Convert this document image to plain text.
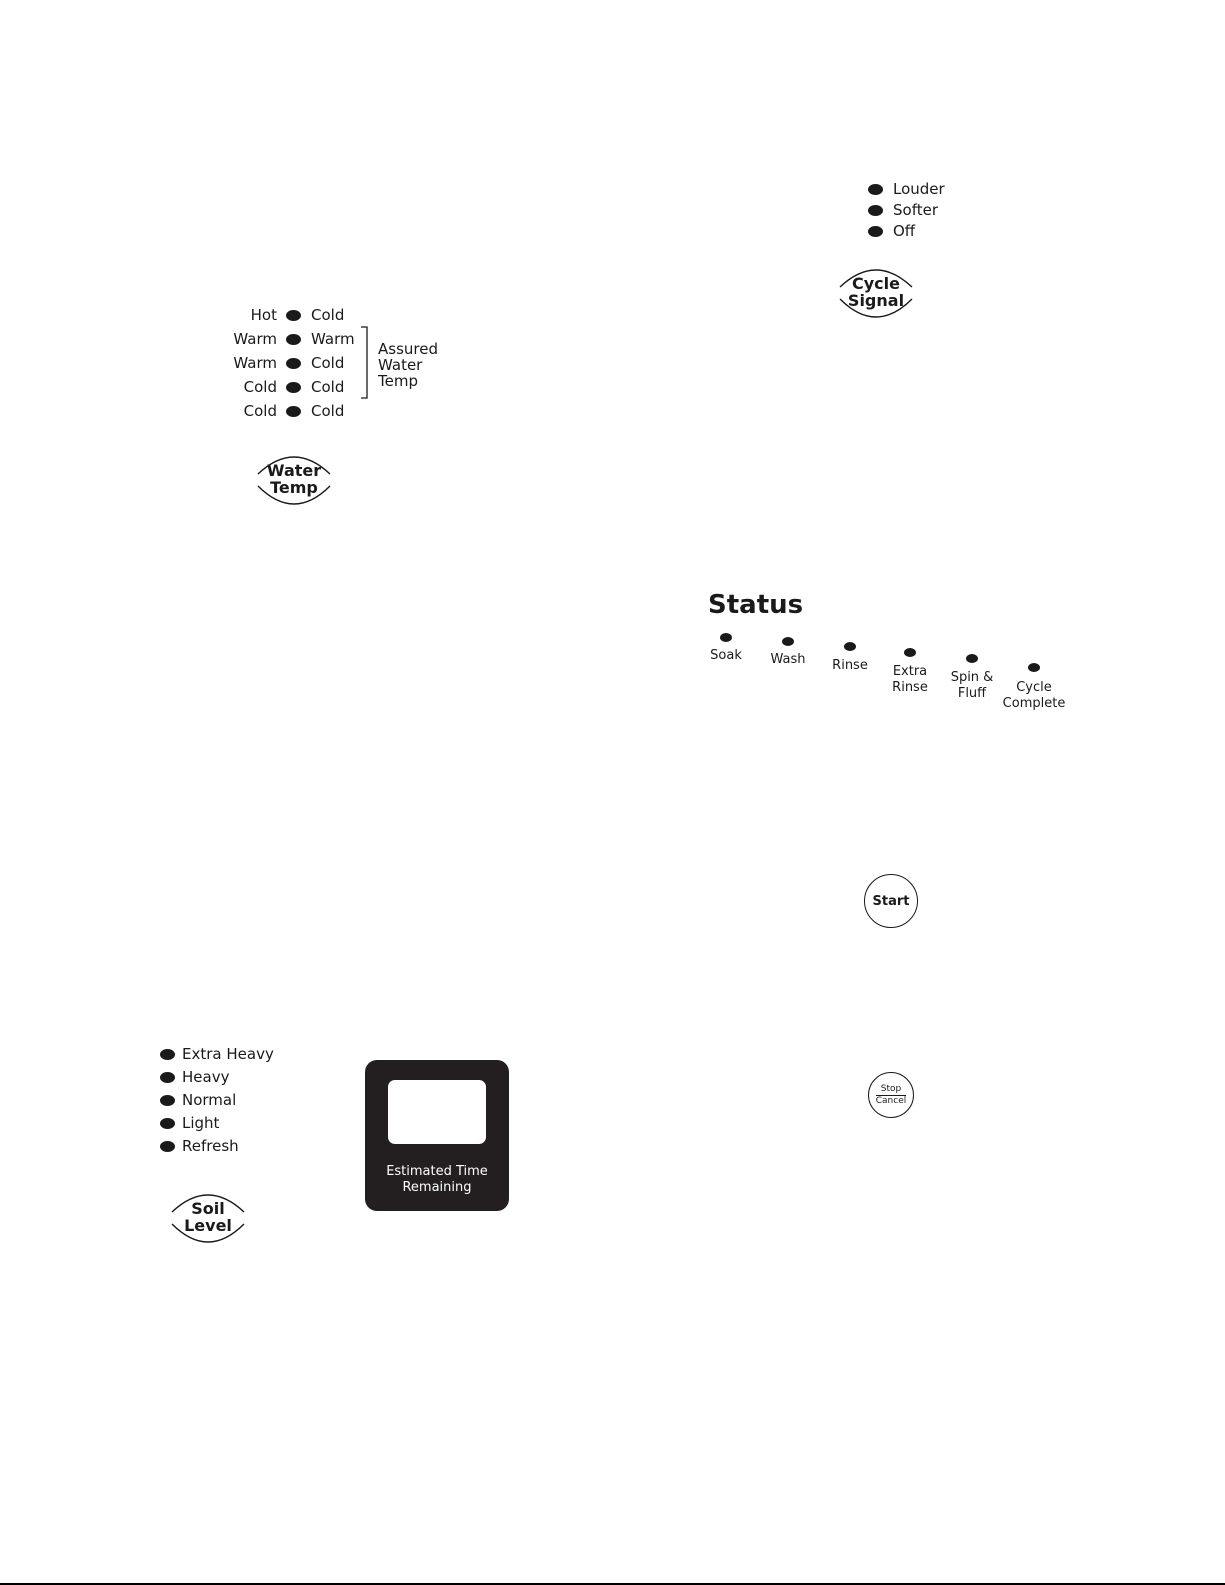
Louder
Softer
Off
Cycle
Signal
Hot Cold
Warm Warm
Warm Cold
Cold Cold
Cold Cold
Assured
Water
Temp
Water
Temp
Status
Soak	Wash	Rinse	Extra
Rinse
Spin &
Fluff	Cycle
Complete
Start
Stop
Cancel
Extra Heavy
Heavy
Normal
Light
Refresh
Soil
Level
Estimated Time
Remaining
